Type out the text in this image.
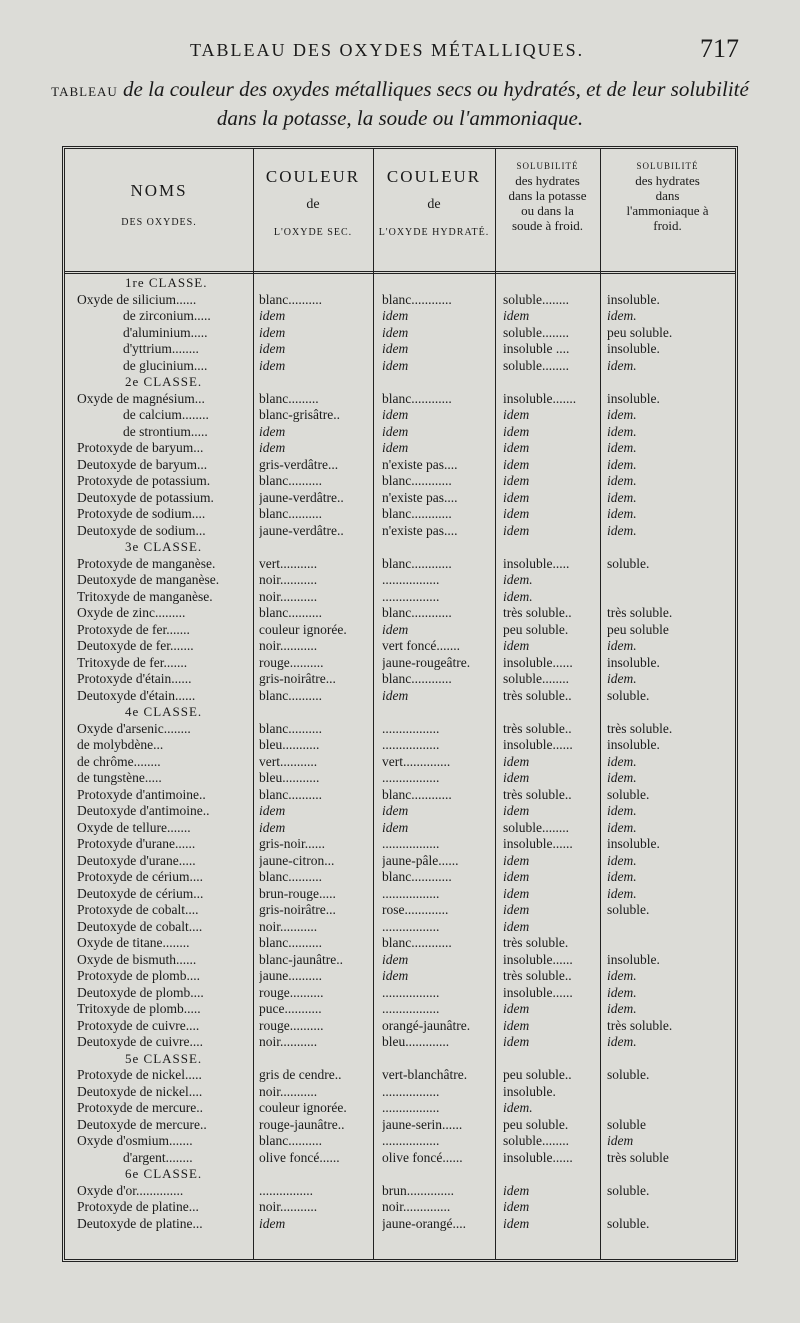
TABLEAU DES OXYDES MÉTALLIQUES.	717
TABLEAU de la couleur des oxydes métalliques secs ou hydratés, et de leur solubilité dans la potasse, la soude ou l'ammoniaque.
NOMS
DES OXYDES.
COULEUR
de
L'OXYDE SEC.
COULEUR
de
L'OXYDE HYDRATÉ.
SOLUBILITÉ
des hydrates dans la potasse ou dans la soude à froid.
SOLUBILITÉ
des hydrates dans l'ammoniaque à froid.
1re CLASSE.
Oxyde de silicium......	blanc..........	blanc............	soluble........	insoluble.
de zirconium.....	idem	idem	idem	idem.
d'aluminium.....	idem	idem	soluble........	peu soluble.
d'yttrium........	idem	idem	insoluble ....	insoluble.
de glucinium....	idem	idem	soluble........	idem.
2e CLASSE.
Oxyde de magnésium...	blanc.........	blanc............	insoluble.......	insoluble.
de calcium........	blanc-grisâtre..	idem	idem	idem.
de strontium.....	idem	idem	idem	idem.
Protoxyde de baryum...	idem	idem	idem	idem.
Deutoxyde de baryum...	gris-verdâtre...	n'existe pas....	idem	idem.
Protoxyde de potassium.	blanc..........	blanc............	idem	idem.
Deutoxyde de potassium.	jaune-verdâtre..	n'existe pas....	idem	idem.
Protoxyde de sodium....	blanc..........	blanc............	idem	idem.
Deutoxyde de sodium...	jaune-verdâtre..	n'existe pas....	idem	idem.
3e CLASSE.
Protoxyde de manganèse.	vert...........	blanc............	insoluble.....	soluble.
Deutoxyde de manganèse.	noir...........	.................	idem.
Tritoxyde de manganèse.	noir...........	.................	idem.
Oxyde de zinc.........	blanc..........	blanc............	très soluble..	très soluble.
Protoxyde de fer.......	couleur ignorée.	idem	peu soluble.	peu soluble
Deutoxyde de fer.......	noir...........	vert foncé.......	idem	idem.
Tritoxyde de fer.......	rouge..........	jaune-rougeâtre.	insoluble......	insoluble.
Protoxyde d'étain......	gris-noirâtre...	blanc............	soluble........	idem.
Deutoxyde d'étain......	blanc..........	idem	très soluble..	soluble.
4e CLASSE.
Oxyde d'arsenic........	blanc..........	.................	très soluble..	très soluble.
de molybdène...	bleu...........	.................	insoluble......	insoluble.
de chrôme........	vert...........	vert..............	idem	idem.
de tungstène.....	bleu...........	.................	idem	idem.
Protoxyde d'antimoine..	blanc..........	blanc............	très soluble..	soluble.
Deutoxyde d'antimoine..	idem	idem	idem	idem.
Oxyde de tellure.......	idem	idem	soluble........	idem.
Protoxyde d'urane......	gris-noir......	.................	insoluble......	insoluble.
Deutoxyde d'urane.....	jaune-citron...	jaune-pâle......	idem	idem.
Protoxyde de cérium....	blanc..........	blanc............	idem	idem.
Deutoxyde de cérium...	brun-rouge.....	.................	idem	idem.
Protoxyde de cobalt....	gris-noirâtre...	rose.............	idem	soluble.
Deutoxyde de cobalt....	noir...........	.................	idem
Oxyde de titane........	blanc..........	blanc............	très soluble.
Oxyde de bismuth......	blanc-jaunâtre..	idem	insoluble......	insoluble.
Protoxyde de plomb....	jaune..........	idem	très soluble..	idem.
Deutoxyde de plomb....	rouge..........	.................	insoluble......	idem.
Tritoxyde de plomb.....	puce...........	.................	idem	idem.
Protoxyde de cuivre....	rouge..........	orangé-jaunâtre.	idem	très soluble.
Deutoxyde de cuivre....	noir...........	bleu.............	idem	idem.
5e CLASSE.
Protoxyde de nickel.....	gris de cendre..	vert-blanchâtre.	peu soluble..	soluble.
Deutoxyde de nickel....	noir...........	.................	insoluble.
Protoxyde de mercure..	couleur ignorée.	.................	idem.
Deutoxyde de mercure..	rouge-jaunâtre..	jaune-serin......	peu soluble.	soluble
Oxyde d'osmium.......	blanc..........	.................	soluble........	idem
d'argent........	olive foncé......	olive foncé......	insoluble......	très soluble
6e CLASSE.
Oxyde d'or..............	................	brun..............	idem	soluble.
Protoxyde de platine...	noir...........	noir..............	idem
Deutoxyde de platine...	idem	jaune-orangé....	idem	soluble.
